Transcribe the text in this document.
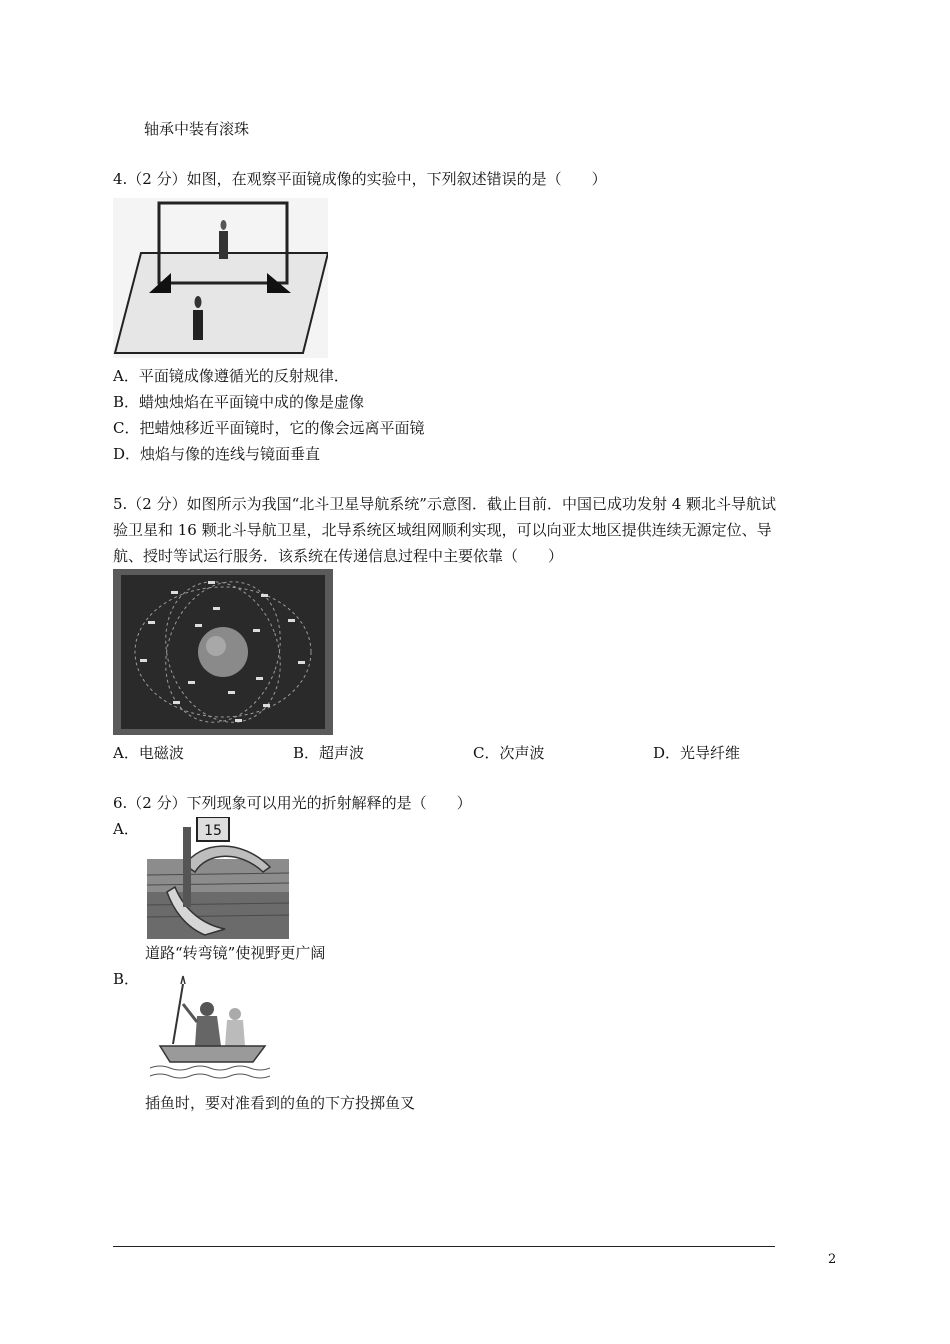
轴承中装有滚珠
4.（2 分）如图，在观察平面镜成像的实验中，下列叙述错误的是（　　）
A．平面镜成像遵循光的反射规律．
B．蜡烛烛焰在平面镜中成的像是虚像
C．把蜡烛移近平面镜时，它的像会远离平面镜
D．烛焰与像的连线与镜面垂直
5.（2 分）如图所示为我国“北斗卫星导航系统”示意图．截止目前．中国已成功发射 4 颗北斗导航试
验卫星和 16 颗北斗导航卫星，北导系统区域组网顺利实现，可以向亚太地区提供连续无源定位、导
航、授时等试运行服务．该系统在传递信息过程中主要依靠（　　）
A．电磁波	B．超声波	C．次声波	D．光导纤维
6.（2 分）下列现象可以用光的折射解释的是（　　）
A．	15
道路“转弯镜”使视野更广阔
B．
插鱼时，要对准看到的鱼的下方投掷鱼叉
2
